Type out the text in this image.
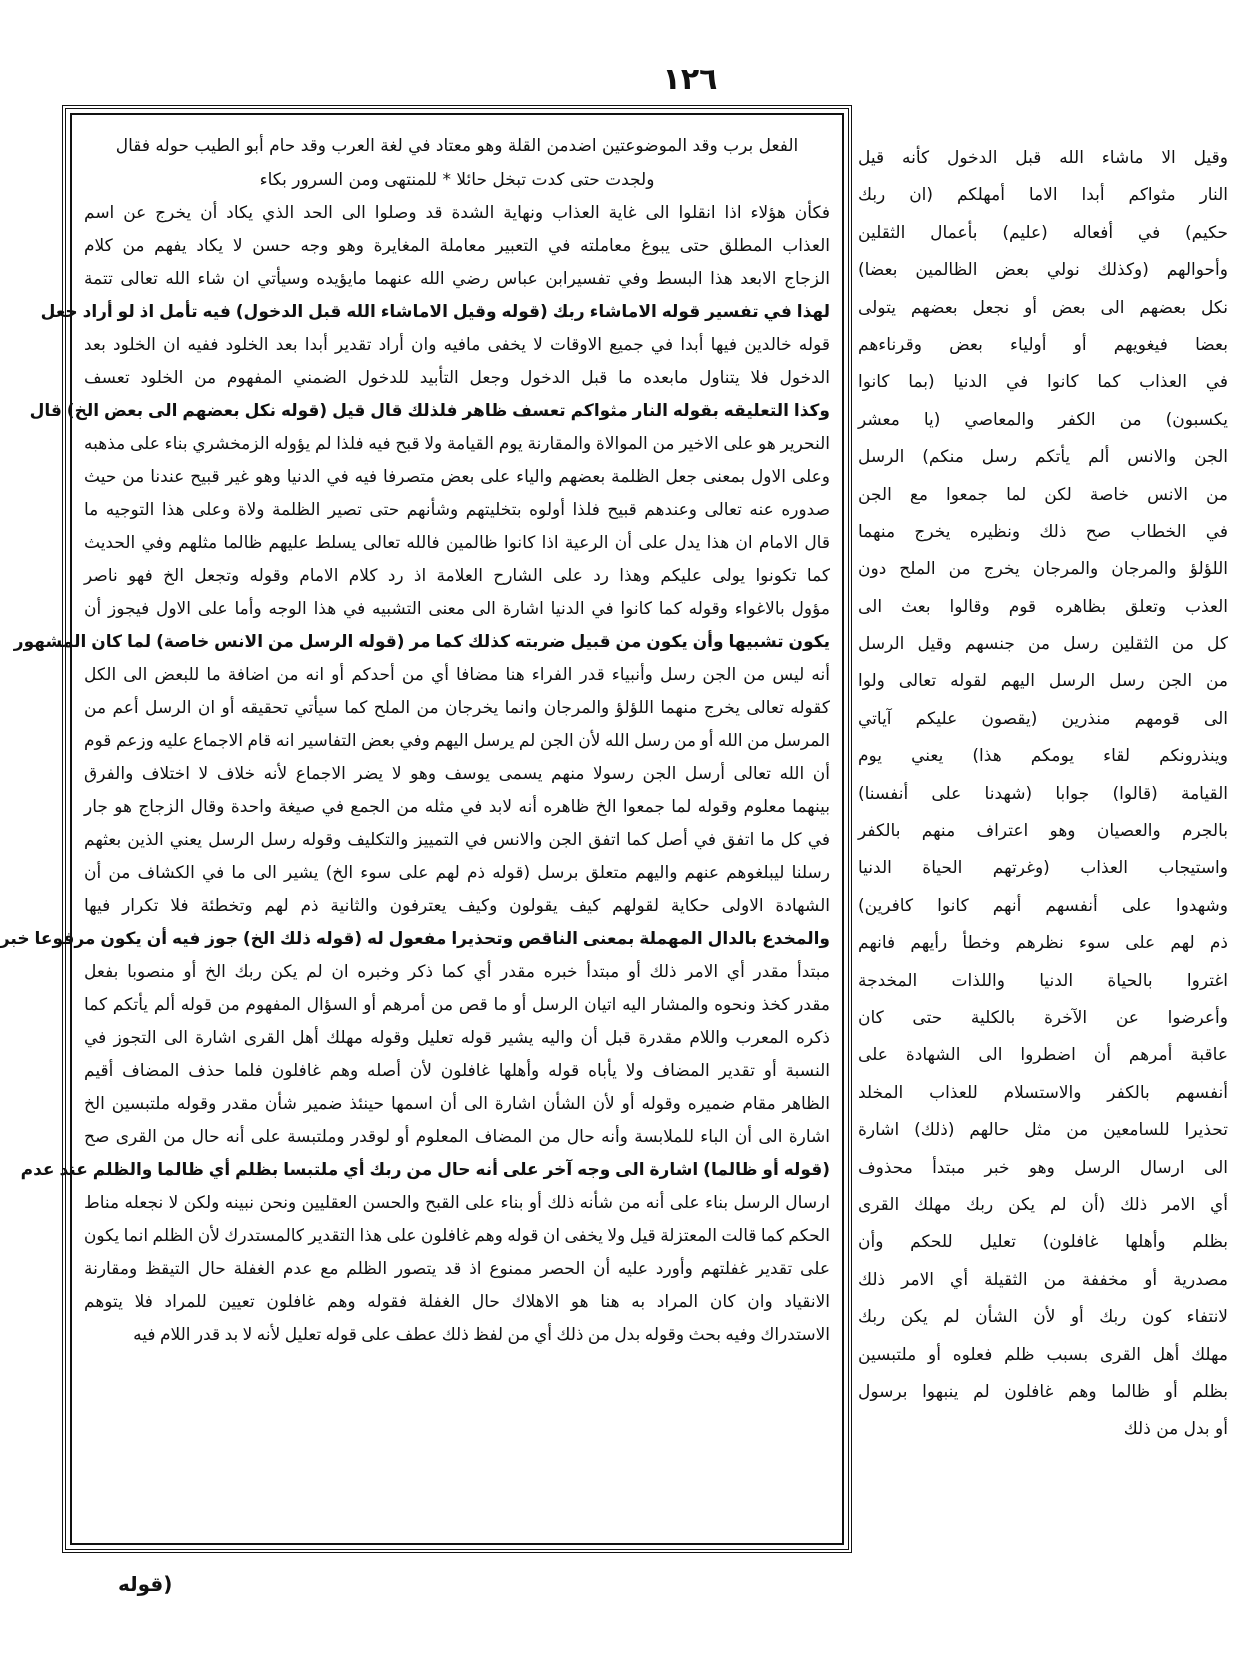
١٢٦
الفعل برب وقد الموضوعتين اضدمن القلة وهو معتاد في لغة العرب وقد حام أبو الطيب حوله فقال
ولجدت حتى كدت تبخل حائلا * للمنتهى ومن السرور بكاء
فكأن هؤلاء اذا انقلوا الى غاية العذاب ونهاية الشدة قد وصلوا الى الحد الذي يكاد أن يخرج عن اسم
العذاب المطلق حتى يبوغ معاملته في التعبير معاملة المغايرة وهو وجه حسن لا يكاد يفهم من كلام
الزجاج الابعد هذا البسط وفي تفسيرابن عباس رضي الله عنهما مايؤيده وسيأتي ان شاء الله تعالى تتمة
لهذا في تفسير قوله الاماشاء ربك (قوله وقيل الاماشاء الله قبل الدخول) فيه تأمل اذ لو أراد جعل
قوله خالدين فيها أبدا في جميع الاوقات لا يخفى مافيه وان أراد تقدير أبدا بعد الخلود ففيه ان الخلود بعد
الدخول فلا يتناول مابعده ما قبل الدخول وجعل التأبيد للدخول الضمني المفهوم من الخلود تعسف
وكذا التعليقه بقوله النار مثواكم تعسف ظاهر فلذلك قال قيل (قوله نكل بعضهم الى بعض الخ) قال
النحرير هو على الاخير من الموالاة والمقارنة يوم القيامة ولا قبح فيه فلذا لم يؤوله الزمخشري بناء على مذهبه
وعلى الاول بمعنى جعل الظلمة بعضهم والياء على بعض متصرفا فيه في الدنيا وهو غير قبيح عندنا من حيث
صدوره عنه تعالى وعندهم قبيح فلذا أولوه بتخليتهم وشأنهم حتى تصير الظلمة ولاة وعلى هذا التوجيه ما
قال الامام ان هذا يدل على أن الرعية اذا كانوا ظالمين فالله تعالى يسلط عليهم ظالما مثلهم وفي الحديث
كما تكونوا يولى عليكم وهذا رد على الشارح العلامة اذ رد كلام الامام وقوله وتجعل الخ فهو ناصر
مؤول بالاغواء وقوله كما كانوا في الدنيا اشارة الى معنى التشبيه في هذا الوجه وأما على الاول فيجوز أن
يكون تشبيها وأن يكون من قبيل ضربته كذلك كما مر (قوله الرسل من الانس خاصة) لما كان المشهور
أنه ليس من الجن رسل وأنبياء قدر الفراء هنا مضافا أي من أحدكم أو انه من اضافة ما للبعض الى الكل
كقوله تعالى يخرج منهما اللؤلؤ والمرجان وانما يخرجان من الملح كما سيأتي تحقيقه أو ان الرسل أعم من
المرسل من الله أو من رسل الله لأن الجن لم يرسل اليهم وفي بعض التفاسير انه قام الاجماع عليه وزعم قوم
أن الله تعالى أرسل الجن رسولا منهم يسمى يوسف وهو لا يضر الاجماع لأنه خلاف لا اختلاف والفرق
بينهما معلوم وقوله لما جمعوا الخ ظاهره أنه لابد في مثله من الجمع في صيغة واحدة وقال الزجاج هو جار
في كل ما اتفق في أصل كما اتفق الجن والانس في التمييز والتكليف وقوله رسل الرسل يعني الذين بعثهم
رسلنا ليبلغوهم عنهم واليهم متعلق برسل (قوله ذم لهم على سوء الخ) يشير الى ما في الكشاف من أن
الشهادة الاولى حكاية لقولهم كيف يقولون وكيف يعترفون والثانية ذم لهم وتخطئة فلا تكرار فيها
والمخدع بالدال المهملة بمعنى الناقص وتحذيرا مفعول له (قوله ذلك الخ) جوز فيه أن يكون مرفوعا خبر
مبتدأ مقدر أي الامر ذلك أو مبتدأ خبره مقدر أي كما ذكر وخبره ان لم يكن ربك الخ أو منصوبا بفعل
مقدر كخذ ونحوه والمشار اليه اتيان الرسل أو ما قص من أمرهم أو السؤال المفهوم من قوله ألم يأتكم كما
ذكره المعرب واللام مقدرة قبل أن واليه يشير قوله تعليل وقوله مهلك أهل القرى اشارة الى التجوز في
النسبة أو تقدير المضاف ولا يأباه قوله وأهلها غافلون لأن أصله وهم غافلون فلما حذف المضاف أقيم
الظاهر مقام ضميره وقوله أو لأن الشأن اشارة الى أن اسمها حينئذ ضمير شأن مقدر وقوله ملتبسين الخ
اشارة الى أن الباء للملابسة وأنه حال من المضاف المعلوم أو لوقدر وملتبسة على أنه حال من القرى صح
(قوله أو ظالما) اشارة الى وجه آخر على أنه حال من ربك أي ملتبسا بظلم أي ظالما والظلم عند عدم
ارسال الرسل بناء على أنه من شأنه ذلك أو بناء على القبح والحسن العقليين ونحن نبينه ولكن لا نجعله مناط
الحكم كما قالت المعتزلة قيل ولا يخفى ان قوله وهم غافلون على هذا التقدير كالمستدرك لأن الظلم انما يكون
على تقدير غفلتهم وأورد عليه أن الحصر ممنوع اذ قد يتصور الظلم مع عدم الغفلة حال التيقظ ومقارنة
الانقياد وان كان المراد به هنا هو الاهلاك حال الغفلة فقوله وهم غافلون تعيين للمراد فلا يتوهم
الاستدراك وفيه بحث وقوله بدل من ذلك أي من لفظ ذلك عطف على قوله تعليل لأنه لا بد قدر اللام فيه
وقيل الا ماشاء الله قبل الدخول كأنه قيل
النار مثواكم أبدا الاما أمهلكم (ان ربك
حكيم) في أفعاله (عليم) بأعمال الثقلين
وأحوالهم (وكذلك نولي بعض الظالمين بعضا)
نكل بعضهم الى بعض أو نجعل بعضهم يتولى
بعضا فيغويهم أو أولياء بعض وقرناءهم
في العذاب كما كانوا في الدنيا (بما كانوا
يكسبون) من الكفر والمعاصي (يا معشر
الجن والانس ألم يأتكم رسل منكم) الرسل
من الانس خاصة لكن لما جمعوا مع الجن
في الخطاب صح ذلك ونظيره يخرج منهما
اللؤلؤ والمرجان والمرجان يخرج من الملح دون
العذب وتعلق بظاهره قوم وقالوا بعث الى
كل من الثقلين رسل من جنسهم وقيل الرسل
من الجن رسل الرسل اليهم لقوله تعالى ولوا
الى قومهم منذرين (يقصون عليكم آياتي
وينذرونكم لقاء يومكم هذا) يعني يوم
القيامة (قالوا) جوابا (شهدنا على أنفسنا)
بالجرم والعصيان وهو اعتراف منهم بالكفر
واستيجاب العذاب (وغرتهم الحياة الدنيا
وشهدوا على أنفسهم أنهم كانوا كافرين)
ذم لهم على سوء نظرهم وخطأ رأيهم فانهم
اغتروا بالحياة الدنيا واللذات المخدجة
وأعرضوا عن الآخرة بالكلية حتى كان
عاقبة أمرهم أن اضطروا الى الشهادة على
أنفسهم بالكفر والاستسلام للعذاب المخلد
تحذيرا للسامعين من مثل حالهم (ذلك) اشارة
الى ارسال الرسل وهو خبر مبتدأ محذوف
أي الامر ذلك (أن لم يكن ربك مهلك القرى
بظلم وأهلها غافلون) تعليل للحكم وأن
مصدرية أو مخففة من الثقيلة أي الامر ذلك
لانتفاء كون ربك أو لأن الشأن لم يكن ربك
مهلك أهل القرى بسبب ظلم فعلوه أو ملتبسين
بظلم أو ظالما وهم غافلون لم ينبهوا برسول
أو بدل من ذلك
(قوله
